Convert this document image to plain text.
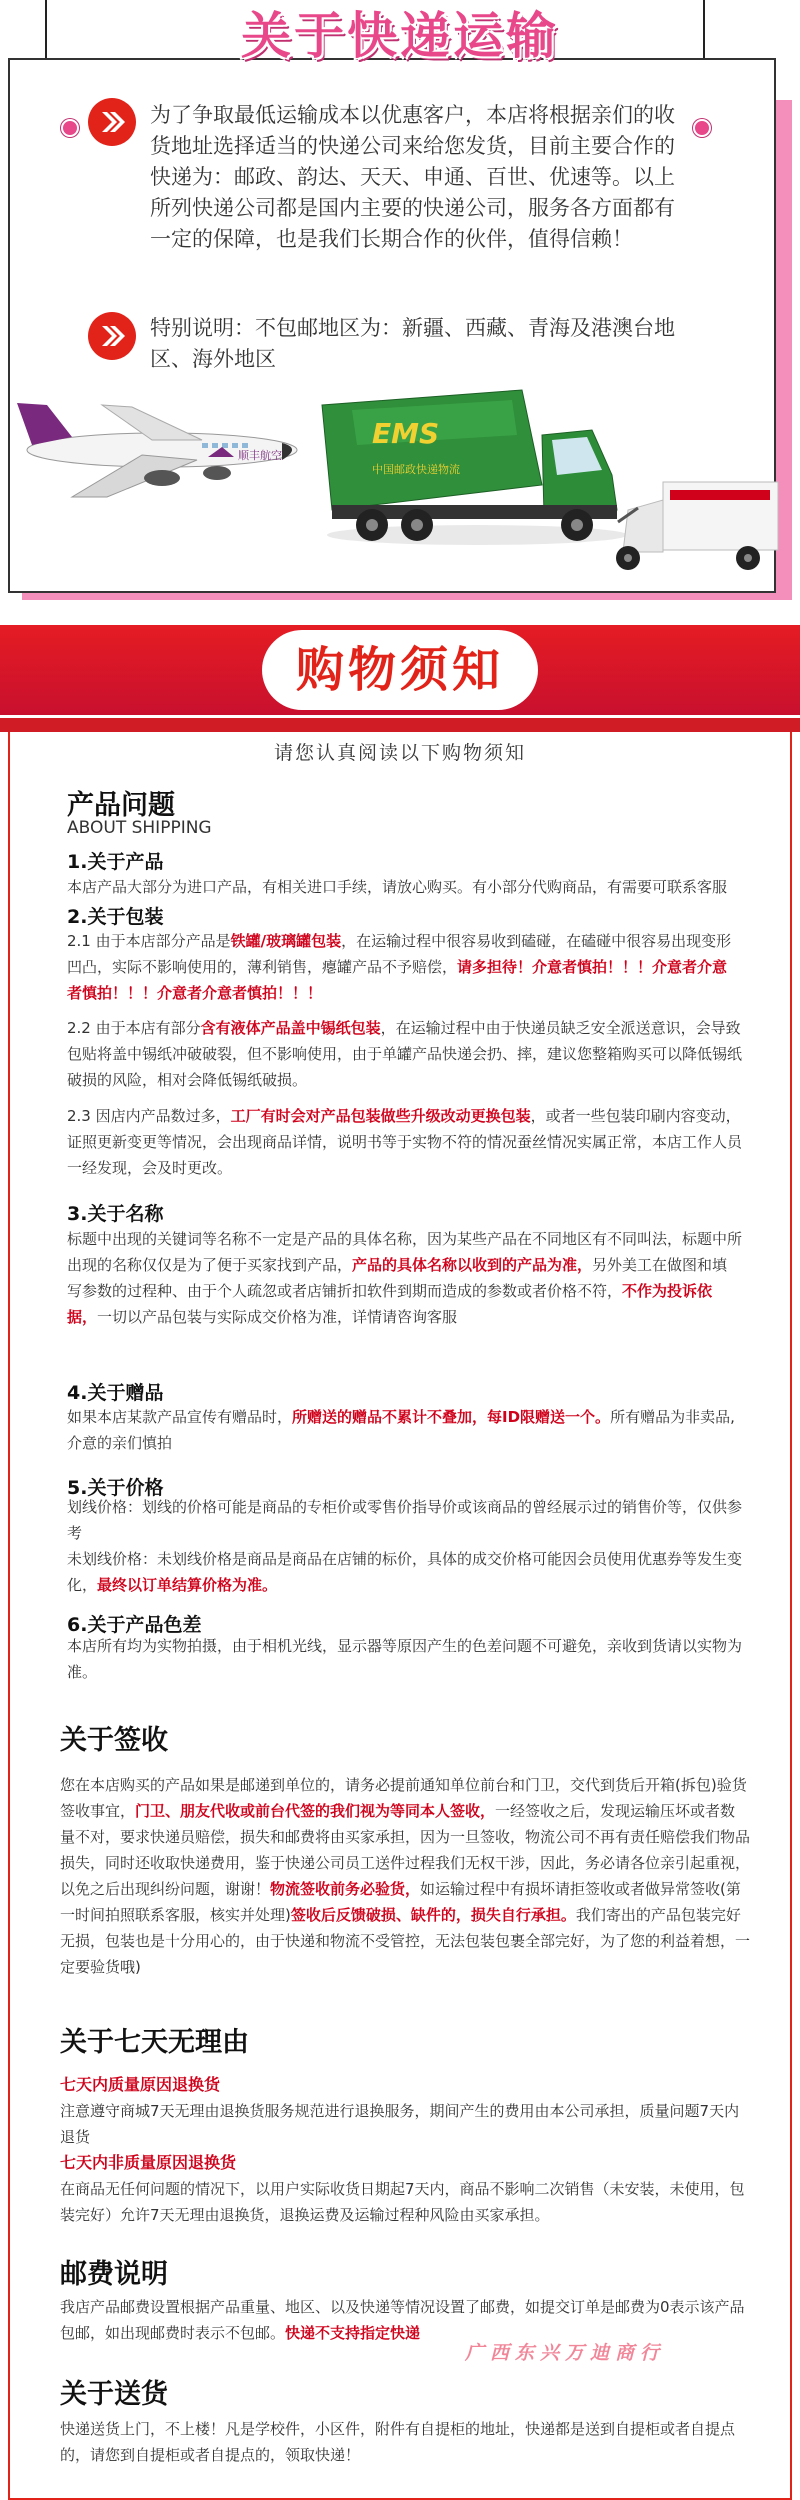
关于快递运输
为了争取最低运输成本以优惠客户，本店将根据亲们的收货地址选择适当的快递公司来给您发货，目前主要合作的快递为：邮政、韵达、天天、申通、百世、优速等。以上所列快递公司都是国内主要的快递公司，服务各方面都有一定的保障，也是我们长期合作的伙伴，值得信赖！
特别说明：不包邮地区为：新疆、西藏、青海及港澳台地区、海外地区
顺丰航空
EMS
中国邮政快递物流
购物须知
请您认真阅读以下购物须知
产品问题
ABOUT SHIPPING
1.关于产品
本店产品大部分为进口产品，有相关进口手续，请放心购买。有小部分代购商品，有需要可联系客服
2.关于包装
2.1 由于本店部分产品是铁罐/玻璃罐包装，在运输过程中很容易收到磕碰，在磕碰中很容易出现变形凹凸，实际不影响使用的，薄利销售，瘪罐产品不予赔偿，请多担待！介意者慎拍！！！介意者介意者慎拍！！！介意者介意者慎拍！！！
2.2 由于本店有部分含有液体产品盖中锡纸包装，在运输过程中由于快递员缺乏安全派送意识，会导致包贴将盖中锡纸冲破破裂，但不影响使用，由于单罐产品快递会扔、摔，建议您整箱购买可以降低锡纸破损的风险，相对会降低锡纸破损。
2.3 因店内产品数过多，工厂有时会对产品包装做些升级改动更换包装，或者一些包装印刷内容变动，证照更新变更等情况，会出现商品详情，说明书等于实物不符的情况蚕丝情况实属正常，本店工作人员一经发现，会及时更改。
3.关于名称
标题中出现的关键词等名称不一定是产品的具体名称，因为某些产品在不同地区有不同叫法，标题中所出现的名称仅仅是为了便于买家找到产品，产品的具体名称以收到的产品为准，另外美工在做图和填写参数的过程种、由于个人疏忽或者店铺折扣软件到期而造成的参数或者价格不符，不作为投诉依据，一切以产品包装与实际成交价格为准，详情请咨询客服
4.关于赠品
如果本店某款产品宣传有赠品时，所赠送的赠品不累计不叠加，每ID限赠送一个。所有赠品为非卖品,介意的亲们慎拍
5.关于价格
划线价格：划线的价格可能是商品的专柜价或零售价指导价或该商品的曾经展示过的销售价等，仅供参考
未划线价格：未划线价格是商品是商品在店铺的标价，具体的成交价格可能因会员使用优惠券等发生变化，最终以订单结算价格为准。
6.关于产品色差
本店所有均为实物拍摄，由于相机光线，显示器等原因产生的色差问题不可避免，亲收到货请以实物为准。
关于签收
您在本店购买的产品如果是邮递到单位的，请务必提前通知单位前台和门卫，交代到货后开箱(拆包)验货签收事宜，门卫、朋友代收或前台代签的我们视为等同本人签收，一经签收之后，发现运输压坏或者数量不对，要求快递员赔偿，损失和邮费将由买家承担，因为一旦签收，物流公司不再有责任赔偿我们物品损失，同时还收取快递费用，鉴于快递公司员工送件过程我们无权干涉，因此，务必请各位亲引起重视，以免之后出现纠纷问题，谢谢！物流签收前务必验货，如运输过程中有损坏请拒签收或者做异常签收(第一时间拍照联系客服，核实并处理)签收后反馈破损、缺件的，损失自行承担。我们寄出的产品包装完好无损，包装也是十分用心的，由于快递和物流不受管控，无法包装包裹全部完好，为了您的利益着想，一定要验货哦)
关于七天无理由
七天内质量原因退换货
注意遵守商城7天无理由退换货服务规范进行退换服务，期间产生的费用由本公司承担，质量问题7天内退货
七天内非质量原因退换货
在商品无任何问题的情况下，以用户实际收货日期起7天内，商品不影响二次销售（未安装，未使用，包装完好）允许7天无理由退换货，退换运费及运输过程种风险由买家承担。
邮费说明
我店产品邮费设置根据产品重量、地区、以及快递等情况设置了邮费，如提交订单是邮费为0表示该产品包邮，如出现邮费时表示不包邮。快递不支持指定快递
广西东兴万迪商行
关于送货
快递送货上门，不上楼！凡是学校件，小区件，附件有自提柜的地址，快递都是送到自提柜或者自提点的，请您到自提柜或者自提点的，领取快递！
